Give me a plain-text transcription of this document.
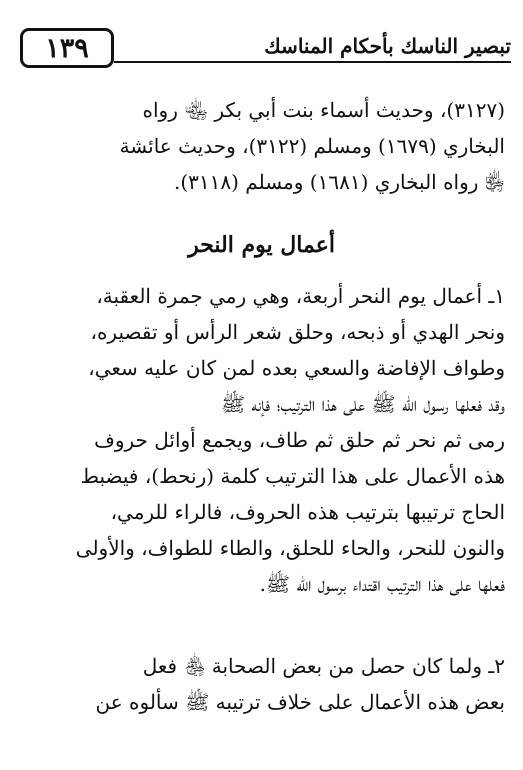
١٣٩	تبصير الناسك بأحكام المناسك
(٣١٢٧)، وحديث أسماء بنت أبي بكر ﵄ رواه
البخاري (١٦٧٩) ومسلم (٣١٢٢)، وحديث عائشة
﵂ رواه البخاري (١٦٨١) ومسلم (٣١١٨).
أعمال يوم النحر
١ـ أعمال يوم النحر أربعة، وهي رمي جمرة العقبة،
ونحر الهدي أو ذبحه، وحلق شعر الرأس أو تقصيره،
وطواف الإفاضة والسعي بعده لمن كان عليه سعي،
وقد فعلها رسول الله ﷺ على هذا الترتيب؛ فإنه ﷺ
رمى ثم نحر ثم حلق ثم طاف، ويجمع أوائل حروف
هذه الأعمال على هذا الترتيب كلمة (رنحط)، فيضبط
الحاج ترتيبها بترتيب هذه الحروف، فالراء للرمي،
والنون للنحر، والحاء للحلق، والطاء للطواف، والأولى
فعلها على هذا الترتيب اقتداء برسول الله ﷺ.
٢ـ ولما كان حصل من بعض الصحابة ﵃ فعل
بعض هذه الأعمال على خلاف ترتيبه ﷺ سألوه عن
